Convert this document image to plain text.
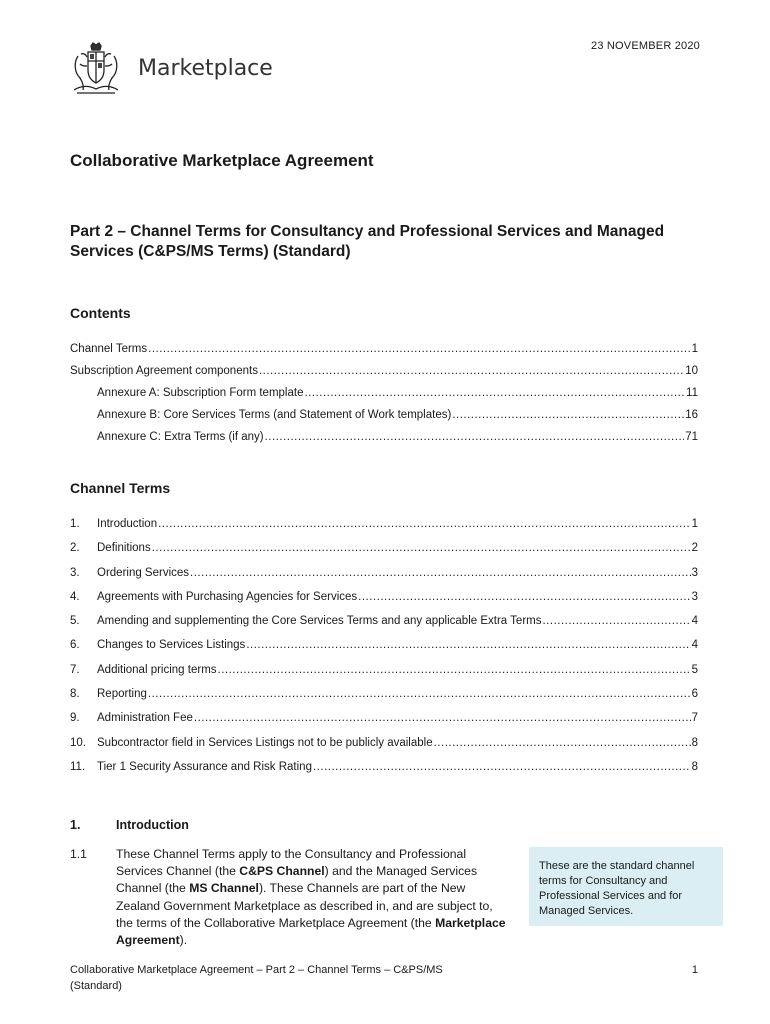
23 NOVEMBER 2020
Marketplace
Collaborative Marketplace Agreement
Part 2 – Channel Terms for Consultancy and Professional Services and Managed Services (C&PS/MS Terms) (Standard)
Contents
Channel Terms .....	1
Subscription Agreement components .....	10
Annexure A: Subscription Form template .....	11
Annexure B: Core Services Terms (and Statement of Work templates) .....	16
Annexure C: Extra Terms (if any) .....	71
Channel Terms
1.	Introduction .....	1
2.	Definitions .....	2
3.	Ordering Services .....	3
4.	Agreements with Purchasing Agencies for Services .....	3
5.	Amending and supplementing the Core Services Terms and any applicable Extra Terms .....	4
6.	Changes to Services Listings .....	4
7.	Additional pricing terms .....	5
8.	Reporting .....	6
9.	Administration Fee .....	7
10. Subcontractor field in Services Listings not to be publicly available .....	8
11.	Tier 1 Security Assurance and Risk Rating .....	8
1.	Introduction
1.1	These Channel Terms apply to the Consultancy and Professional Services Channel (the C&PS Channel) and the Managed Services Channel (the MS Channel). These Channels are part of the New Zealand Government Marketplace as described in, and are subject to, the terms of the Collaborative Marketplace Agreement (the Marketplace Agreement).
These are the standard channel terms for Consultancy and Professional Services and for Managed Services.
Collaborative Marketplace Agreement – Part 2 – Channel Terms – C&PS/MS (Standard)
1
